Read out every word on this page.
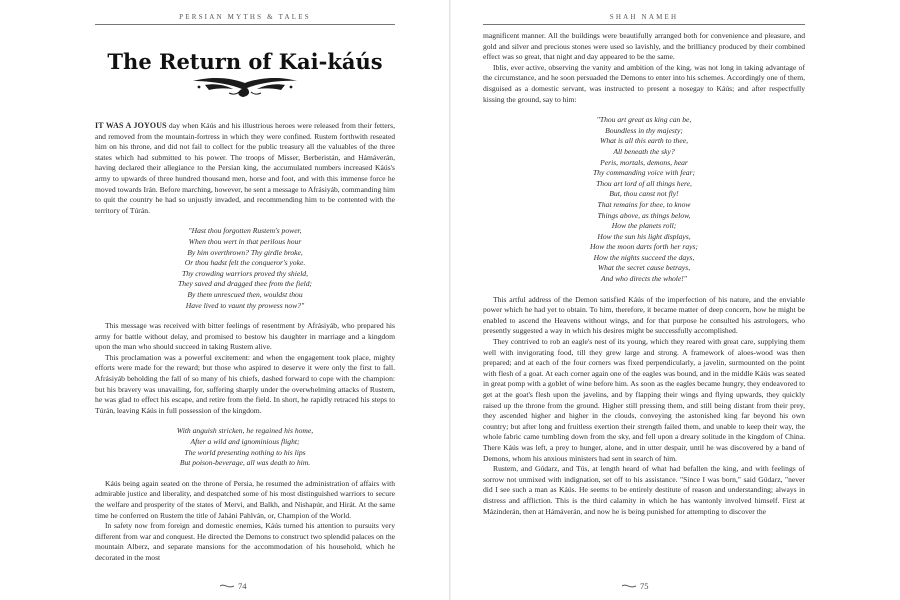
PERSIAN MYTHS & TALES
The Return of Kai-káús

IT WAS A JOYOUS day when Káús and his illustrious heroes were released from their fetters, and removed from the mountain-fortress in which they were confined. Rustem forthwith reseated him on his throne, and did not fail to collect for the public treasury all the valuables of the three states which had submitted to his power. The troops of Misser, Berberistán, and Hámáverán, having declared their allegiance to the Persian king, the accumulated numbers increased Káús's army to upwards of three hundred thousand men, horse and foot, and with this immense force he moved towards Irán. Before marching, however, he sent a message to Afrásiyáb, commanding him to quit the country he had so unjustly invaded, and recommending him to be contented with the territory of Túrán.

"Hast thou forgotten Rustem's power,
When thou wert in that perilous hour
By him overthrown? Thy girdle broke,
Or thou hadst felt the conqueror's yoke.
Thy crowding warriors proved thy shield,
They saved and dragged thee from the field;
By them unrescued then, wouldst thou
Have lived to vaunt thy prowess now?"

This message was received with bitter feelings of resentment by Afrásiyáb, who prepared his army for battle without delay, and promised to bestow his daughter in marriage and a kingdom upon the man who should succeed in taking Rustem alive.

This proclamation was a powerful excitement: and when the engagement took place, mighty efforts were made for the reward; but those who aspired to deserve it were only the first to fall. Afrásiyáb beholding the fall of so many of his chiefs, dashed forward to cope with the champion: but his bravery was unavailing, for, suffering sharply under the overwhelming attacks of Rustem, he was glad to effect his escape, and retire from the field. In short, he rapidly retraced his steps to Túrán, leaving Káús in full possession of the kingdom.

With anguish stricken, he regained his home,
After a wild and ignominious flight;
The world presenting nothing to his lips
But poison-beverage, all was death to him.

Káús being again seated on the throne of Persia, he resumed the administration of affairs with admirable justice and liberality, and despatched some of his most distinguished warriors to secure the welfare and prosperity of the states of Mervi, and Balkh, and Nishapúr, and Hirát. At the same time he conferred on Rustem the title of Jaháni Pahlván, or, Champion of the World.

In safety now from foreign and domestic enemies, Káús turned his attention to pursuits very different from war and conquest. He directed the Demons to construct two splendid palaces on the mountain Alberz, and separate mansions for the accommodation of his household, which he decorated in the most

74
SHAH NAMEH

magnificent manner. All the buildings were beautifully arranged both for convenience and pleasure, and gold and silver and precious stones were used so lavishly, and the brilliancy produced by their combined effect was so great, that night and day appeared to be the same.

Iblís, ever active, observing the vanity and ambition of the king, was not long in taking advantage of the circumstance, and he soon persuaded the Demons to enter into his schemes. Accordingly one of them, disguised as a domestic servant, was instructed to present a nosegay to Káús; and after respectfully kissing the ground, say to him:

"Thou art great as king can be,
Boundless in thy majesty;
What is all this earth to thee,
All beneath the sky?
Peris, mortals, demons, hear
Thy commanding voice with fear;
Thou art lord of all things here,
But, thou canst not fly!
That remains for thee, to know
Things above, as things below,
How the planets roll;
How the sun his light displays,
How the moon darts forth her rays;
How the nights succeed the days,
What the secret cause betrays,
And who directs the whole!"

This artful address of the Demon satisfied Káús of the imperfection of his nature, and the enviable power which he had yet to obtain. To him, therefore, it became matter of deep concern, how he might be enabled to ascend the Heavens without wings, and for that purpose he consulted his astrologers, who presently suggested a way in which his desires might be successfully accomplished.

They contrived to rob an eagle's nest of its young, which they reared with great care, supplying them well with invigorating food, till they grew large and strong. A framework of aloes-wood was then prepared; and at each of the four corners was fixed perpendicularly, a javelin, surmounted on the point with flesh of a goat. At each corner again one of the eagles was bound, and in the middle Káús was seated in great pomp with a goblet of wine before him. As soon as the eagles became hungry, they endeavored to get at the goat's flesh upon the javelins, and by flapping their wings and flying upwards, they quickly raised up the throne from the ground. Higher still pressing them, and still being distant from their prey, they ascended higher and higher in the clouds, conveying the astonished king far beyond his own country; but after long and fruitless exertion their strength failed them, and unable to keep their way, the whole fabric came tumbling down from the sky, and fell upon a dreary solitude in the kingdom of China. There Káús was left, a prey to hunger, alone, and in utter despair, until he was discovered by a band of Demons, whom his anxious ministers had sent in search of him.

Rustem, and Gúdarz, and Tús, at length heard of what had befallen the king, and with feelings of sorrow not unmixed with indignation, set off to his assistance. "Since I was born," said Gúdarz, "never did I see such a man as Káús. He seems to be entirely destitute of reason and understanding; always in distress and affliction. This is the third calamity in which he has wantonly involved himself. First at Mázinderán, then at Hámáverán, and now he is being punished for attempting to discover the

75
